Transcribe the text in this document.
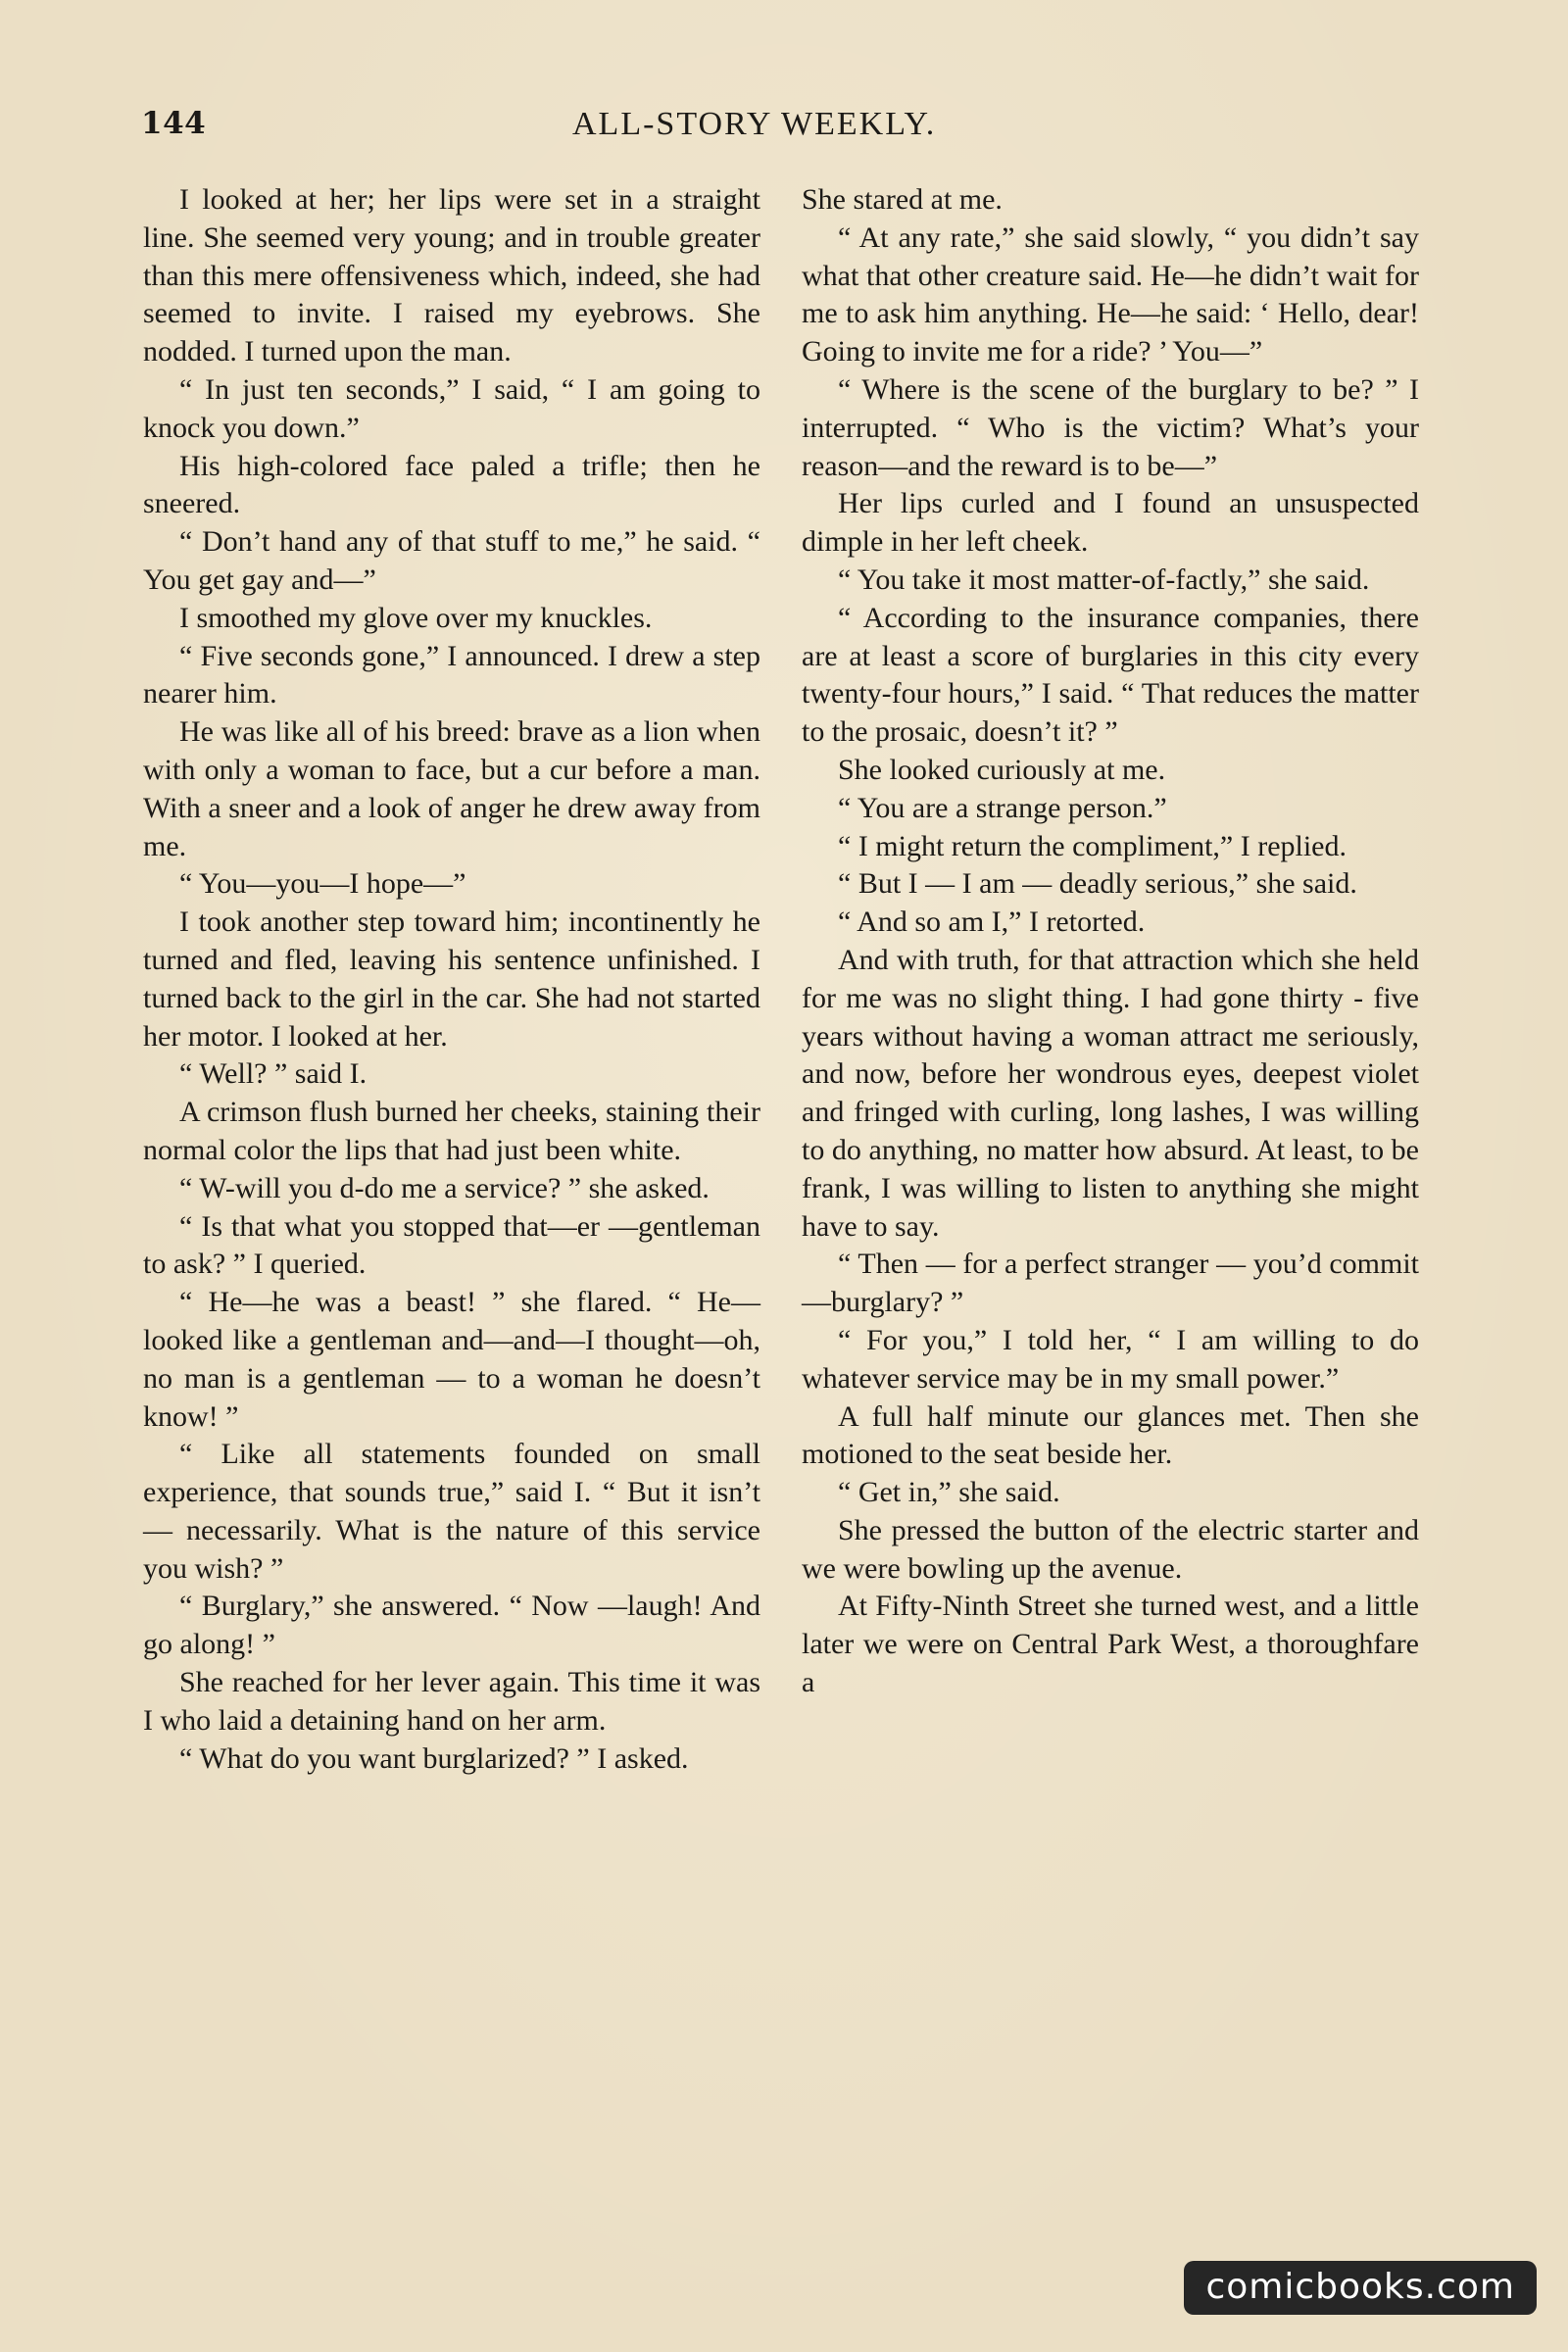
144	ALL-STORY WEEKLY.

I looked at her; her lips were set in a straight line. She seemed very young; and in trouble greater than this mere offensiveness which, indeed, she had seemed to invite. I raised my eyebrows. She nodded. I turned upon the man.

“ In just ten seconds,” I said, “ I am going to knock you down.”

His high-colored face paled a trifle; then he sneered.

“ Don’t hand any of that stuff to me,” he said. “ You get gay and—”

I smoothed my glove over my knuckles.

“ Five seconds gone,” I announced. I drew a step nearer him.

He was like all of his breed: brave as a lion when with only a woman to face, but a cur before a man. With a sneer and a look of anger he drew away from me.

“ You—you—I hope—”

I took another step toward him; incontinently he turned and fled, leaving his sentence unfinished. I turned back to the girl in the car. She had not started her motor. I looked at her.

“ Well? ” said I.

A crimson flush burned her cheeks, staining their normal color the lips that had just been white.

“ W-will you d-do me a service? ” she asked.

“ Is that what you stopped that—er —gentleman to ask? ” I queried.

“ He—he was a beast! ” she flared. “ He—looked like a gentleman and—and—I thought—oh, no man is a gentleman — to a woman he doesn’t know! ”

“ Like all statements founded on small experience, that sounds true,” said I. “ But it isn’t — necessarily. What is the nature of this service you wish? ”

“ Burglary,” she answered. “ Now —laugh! And go along! ”

She reached for her lever again. This time it was I who laid a detaining hand on her arm.

“ What do you want burglarized? ” I asked.

She stared at me.

“ At any rate,” she said slowly, “ you didn’t say what that other creature said. He—he didn’t wait for me to ask him anything. He—he said: ‘ Hello, dear! Going to invite me for a ride? ’ You—”

“ Where is the scene of the burglary to be? ” I interrupted. “ Who is the victim? What’s your reason—and the reward is to be—”

Her lips curled and I found an unsuspected dimple in her left cheek.

“ You take it most matter-of-factly,” she said.

“ According to the insurance companies, there are at least a score of burglaries in this city every twenty-four hours,” I said. “ That reduces the matter to the prosaic, doesn’t it? ”

She looked curiously at me.

“ You are a strange person.”

“ I might return the compliment,” I replied.

“ But I — I am — deadly serious,” she said.

“ And so am I,” I retorted.

And with truth, for that attraction which she held for me was no slight thing. I had gone thirty - five years without having a woman attract me seriously, and now, before her wondrous eyes, deepest violet and fringed with curling, long lashes, I was willing to do anything, no matter how absurd. At least, to be frank, I was willing to listen to anything she might have to say.

“ Then — for a perfect stranger — you’d commit—burglary? ”

“ For you,” I told her, “ I am willing to do whatever service may be in my small power.”

A full half minute our glances met. Then she motioned to the seat beside her.

“ Get in,” she said.

She pressed the button of the electric starter and we were bowling up the avenue.

At Fifty-Ninth Street she turned west, and a little later we were on Central Park West, a thoroughfare a

comicbooks.com
